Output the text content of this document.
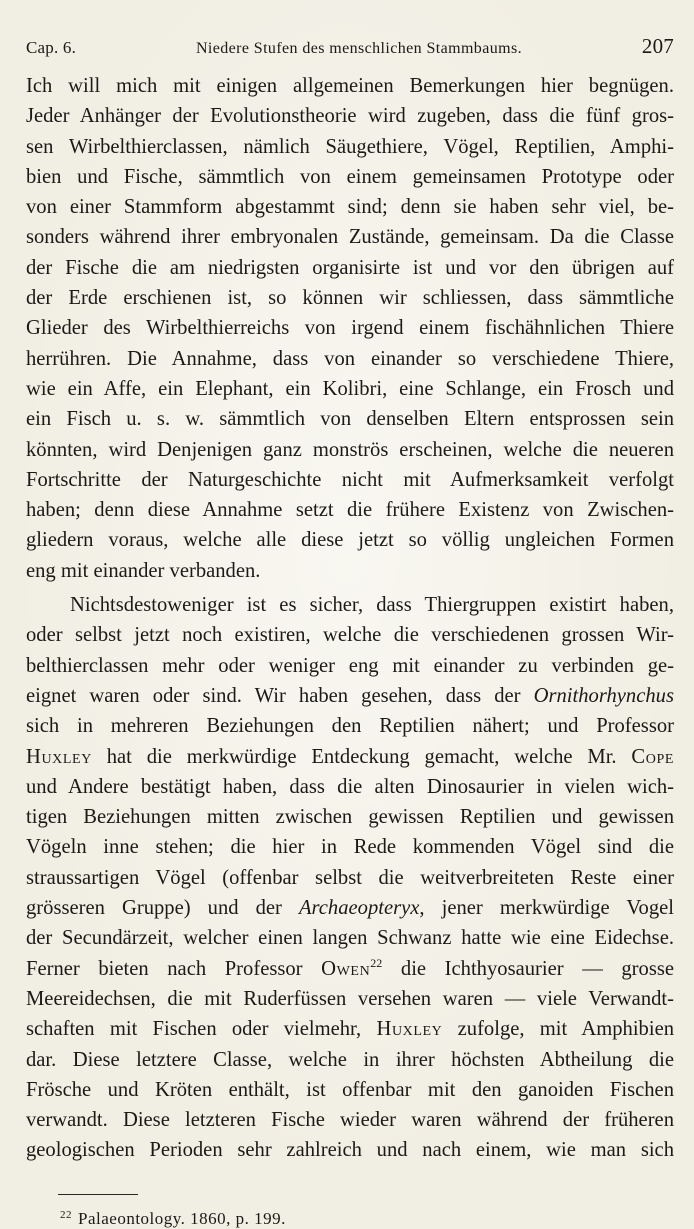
Cap. 6.	Niedere Stufen des menschlichen Stammbaums.	207
Ich will mich mit einigen allgemeinen Bemerkungen hier begnügen.
Jeder Anhänger der Evolutionstheorie wird zugeben, dass die fünf gros-
sen Wirbelthierclassen, nämlich Säugethiere, Vögel, Reptilien, Amphi-
bien und Fische, sämmtlich von einem gemeinsamen Prototype oder
von einer Stammform abgestammt sind; denn sie haben sehr viel, be-
sonders während ihrer embryonalen Zustände, gemeinsam. Da die Classe
der Fische die am niedrigsten organisirte ist und vor den übrigen auf
der Erde erschienen ist, so können wir schliessen, dass sämmtliche
Glieder des Wirbelthierreichs von irgend einem fischähnlichen Thiere
herrühren. Die Annahme, dass von einander so verschiedene Thiere,
wie ein Affe, ein Elephant, ein Kolibri, eine Schlange, ein Frosch und
ein Fisch u. s. w. sämmtlich von denselben Eltern entsprossen sein
könnten, wird Denjenigen ganz monströs erscheinen, welche die neueren
Fortschritte der Naturgeschichte nicht mit Aufmerksamkeit verfolgt
haben; denn diese Annahme setzt die frühere Existenz von Zwischen-
gliedern voraus, welche alle diese jetzt so völlig ungleichen Formen
eng mit einander verbanden.
Nichtsdestoweniger ist es sicher, dass Thiergruppen existirt haben,
oder selbst jetzt noch existiren, welche die verschiedenen grossen Wir-
belthierclassen mehr oder weniger eng mit einander zu verbinden ge-
eignet waren oder sind. Wir haben gesehen, dass der Ornithorhynchus
sich in mehreren Beziehungen den Reptilien nähert; und Professor
Huxley hat die merkwürdige Entdeckung gemacht, welche Mr. Cope
und Andere bestätigt haben, dass die alten Dinosaurier in vielen wich-
tigen Beziehungen mitten zwischen gewissen Reptilien und gewissen
Vögeln inne stehen; die hier in Rede kommenden Vögel sind die
straussartigen Vögel (offenbar selbst die weitverbreiteten Reste einer
grösseren Gruppe) und der Archaeopteryx, jener merkwürdige Vogel
der Secundärzeit, welcher einen langen Schwanz hatte wie eine Eidechse.
Ferner bieten nach Professor Owen$^{22}$ die Ichthyosaurier — grosse
Meereidechsen, die mit Ruderfüssen versehen waren — viele Verwandt-
schaften mit Fischen oder vielmehr, Huxley zufolge, mit Amphibien
dar. Diese letztere Classe, welche in ihrer höchsten Abtheilung die
Frösche und Kröten enthält, ist offenbar mit den ganoiden Fischen
verwandt. Diese letzteren Fische wieder waren während der früheren
geologischen Perioden sehr zahlreich und nach einem, wie man sich
$^{22}$ Palaeontology. 1860, p. 199.
